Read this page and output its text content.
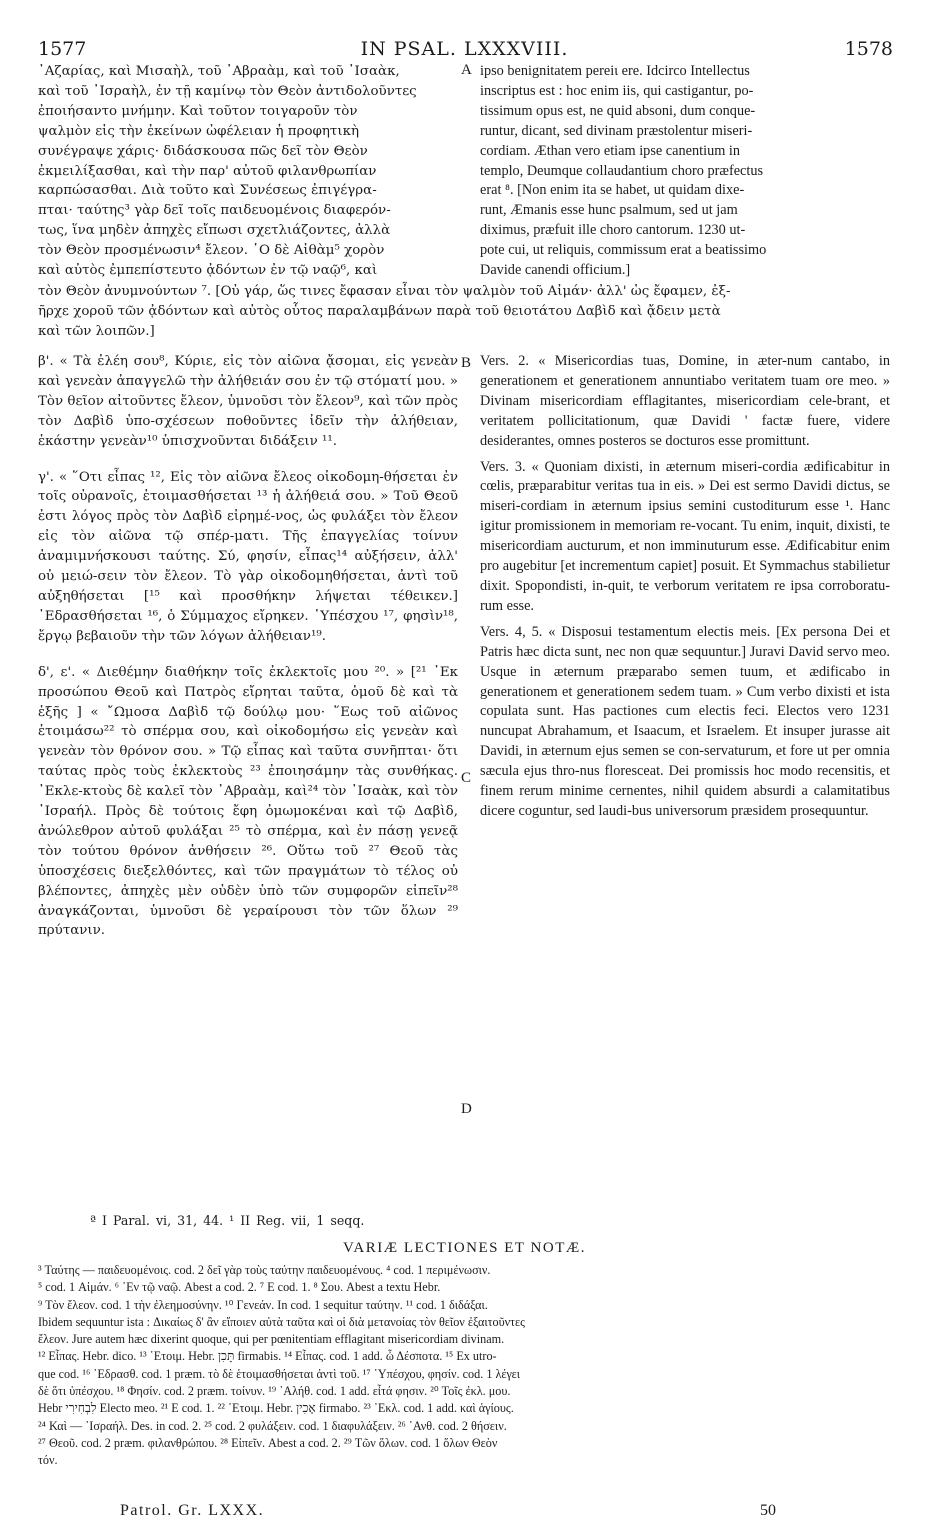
1577	IN PSAL. LXXXVIII.	1578

᾿Αζαρίας, καὶ Μισαὴλ, τοῦ ᾿Αβραὰμ, καὶ τοῦ ᾿Ισαὰκ,

καὶ τοῦ ᾿Ισραὴλ, ἐν τῇ καμίνῳ τὸν Θεὸν ἀντιδολοῦντες

ἐποιήσαντο μνήμην. Καὶ τοῦτον τοιγαροῦν τὸν

ψαλμὸν εἰς τὴν ἐκείνων ὠφέλειαν ἡ προφητικὴ

συνέγραψε χάρις· διδάσκουσα πῶς δεῖ τὸν Θεὸν

ἐκμειλίξασθαι, καὶ τὴν παρ' αὐτοῦ φιλανθρωπίαν

καρπώσασθαι. Διὰ τοῦτο καὶ Συνέσεως ἐπιγέγρα-

πται· ταύτης³ γὰρ δεῖ τοῖς παιδευομένοις διαφερόν-

τως, ἵνα μηδὲν ἀπηχὲς εἴπωσι σχετλιάζοντες, ἀλλὰ

τὸν Θεὸν προσμένωσιν⁴ ἔλεον. ῾Ο δὲ Αἰθὰμ⁵ χορὸν

καὶ αὐτὸς ἐμπεπίστευτο ᾀδόντων ἐν τῷ ναῷ⁶, καὶ

ipso benignitatem pereiι ere. Idcirco Intellectus

inscriptus est : hoc enim iis, qui castigantur, po-

tissimum opus est, ne quid absoni, dum conque-

runtur, dicant, sed divinam præstolentur miseri-

cordiam. Æthan vero etiam ipse canentium in

templo, Deumque collaudantium choro præfectus

erat ⁸. [Non enim ita se habet, ut quidam dixe-

runt, Æmanis esse hunc psalmum, sed ut jam

diximus, præfuit ille choro cantorum. 1230 ut-

pote cui, ut reliquis, commissum erat a beatissimo

Davide canendi officium.]

τὸν Θεὸν ἀνυμνούντων ⁷. [Οὐ γάρ, ὥς τινες ἔφασαν εἶναι τὸν ψαλμὸν τοῦ Αἰμάν· ἀλλ' ὡς ἔφαμεν, ἐξ-

ῆρχε χοροῦ τῶν ᾀδόντων καὶ αὐτὸς οὗτος παραλαμβάνων παρὰ τοῦ θειοτάτου Δαβὶδ καὶ ᾄδειν μετὰ

καὶ τῶν λοιπῶν.]

β'. « Τὰ ἐλέη σου⁸, Κύριε, εἰς τὸν αἰῶνα ᾄσομαι, εἰς γενεὰν καὶ γενεὰν ἀπαγγελῶ τὴν ἀλήθειάν σου ἐν τῷ στόματί μου. » Τὸν θεῖον αἰτοῦντες ἔλεον, ὑμνοῦσι τὸν ἔλεον⁹, καὶ τῶν πρὸς τὸν Δαβὶδ ὑπο-σχέσεων ποθοῦντες ἰδεῖν τὴν ἀλήθειαν, ἑκάστην γενεὰν¹⁰ ὑπισχνοῦνται διδάξειν ¹¹.

γ'. « ῞Οτι εἶπας ¹², Εἰς τὸν αἰῶνα ἔλεος οἰκοδομη-θήσεται ἐν τοῖς οὐρανοῖς, ἑτοιμασθήσεται ¹³ ἡ ἀλήθειά σου. » Τοῦ Θεοῦ ἐστι λόγος πρὸς τὸν Δαβὶδ εἰρημέ-νος, ὡς φυλάξει τὸν ἔλεον εἰς τὸν αἰῶνα τῷ σπέρ-ματι. Τῆς ἐπαγγελίας τοίνυν ἀναμιμνήσκουσι ταύτης. Σύ, φησίν, εἶπας¹⁴ αὐξήσειν, ἀλλ' οὐ μειώ-σειν τὸν ἔλεον. Τὸ γὰρ οἰκοδομηθήσεται, ἀντὶ τοῦ αὐξηθήσεται [¹⁵ καὶ προσθήκην λήψεται τέθεικεν.] ᾿Εδρασθήσεται ¹⁶, ὁ Σύμμαχος εἴρηκεν. ῾Υπέσχου ¹⁷, φησὶν¹⁸, ἔργῳ βεβαιοῦν τὴν τῶν λόγων ἀλήθειαν¹⁹.

δ', ε'. « Διεθέμην διαθήκην τοῖς ἐκλεκτοῖς μου ²⁰. » [²¹ ᾿Εκ προσώπου Θεοῦ καὶ Πατρὸς εἴρηται ταῦτα, ὁμοῦ δὲ καὶ τὰ ἑξῆς ] « ῎Ωμοσα Δαβὶδ τῷ δούλῳ μου· ῞Εως τοῦ αἰῶνος ἑτοιμάσω²² τὸ σπέρμα σου, καὶ οἰκοδομήσω εἰς γενεὰν καὶ γενεὰν τὸν θρόνον σου. » Τῷ εἶπας καὶ ταῦτα συνῆπται· ὅτι ταύτας πρὸς τοὺς ἐκλεκτοὺς ²³ ἐποιησάμην τὰς συνθήκας. ᾿Εκλε-κτοὺς δὲ καλεῖ τὸν ᾿Αβραὰμ, καὶ²⁴ τὸν ᾿Ισαὰκ, καὶ τὸν ᾿Ισραήλ. Πρὸς δὲ τούτοις ἔφη ὀμωμοκέναι καὶ τῷ Δαβὶδ, ἀνώλεθρον αὐτοῦ φυλάξαι ²⁵ τὸ σπέρμα, καὶ ἐν πάσῃ γενεᾷ τὸν τούτου θρόνον ἀνθήσειν ²⁶. Οὕτω τοῦ ²⁷ Θεοῦ τὰς ὑποσχέσεις διεξελθόντες, καὶ τῶν πραγμάτων τὸ τέλος οὐ βλέποντες, ἀπηχὲς μὲν οὐδὲν ὑπὸ τῶν συμφορῶν εἰπεῖν²⁸ ἀναγκάζονται, ὑμνοῦσι δὲ γεραίρουσι τὸν τῶν ὅλων ²⁹ πρύτανιν.

Vers. 2. « Misericordias tuas, Domine, in æter-num cantabo, in generationem et generationem annuntiabo veritatem tuam ore meo. » Divinam misericordiam efflagitantes, misericordiam cele-brant, et veritatem pollicitationum, quæ Davidi ' factæ fuere, videre desiderantes, omnes posteros se docturos esse promittunt.

Vers. 3. « Quoniam dixisti, in æternum miseri-cordia ædificabitur in cœlis, præparabitur veritas tua in eis. » Dei est sermo Davidi dictus, se miseri-cordiam in æternum ipsius semini custoditurum esse ¹. Hanc igitur promissionem in memoriam re-vocant. Tu enim, inquit, dixisti, te misericordiam aucturum, et non imminuturum esse. Ædificabitur enim pro augebitur [et incrementum capiet] posuit. Et Symmachus stabilietur dixit. Spopondisti, in-quit, te verborum veritatem re ipsa corroboratu-rum esse.

Vers. 4, 5. « Disposui testamentum electis meis. [Ex persona Dei et Patris hæc dicta sunt, nec non quæ sequuntur.] Juravi David servo meo. Usque in æternum præparabo semen tuum, et ædificabo in generationem et generationem sedem tuam. » Cum verbo dixisti et ista copulata sunt. Has pactiones cum electis feci. Electos vero 1231 nuncupat Abrahamum, et Isaacum, et Israelem. Et insuper jurasse ait Davidi, in æternum ejus semen se con-servaturum, et fore ut per omnia sæcula ejus thro-nus floresceat. Dei promissis hoc modo recensitis, et finem rerum minime cernentes, nihil quidem absurdi a calamitatibus dicere coguntur, sed laudi-bus universorum præsidem prosequuntur.

A
B
C
D
ª I Paral. vi, 31, 44. ¹ II Reg. vii, 1 seqq.
VARIÆ LECTIONES ET NOTÆ.

³ Ταύτης — παιδευομένοις. cod. 2 δεῖ γὰρ τοὺς ταύτην παιδευομένους. ⁴ cod. 1 περιμένωσιν.

⁵ cod. 1 Αἰμάν. ⁶ ᾿Εν τῷ ναῷ. Abest a cod. 2. ⁷ E cod. 1. ⁸ Σου. Abest a textu Hebr.

⁹ Τὸν ἔλεον. cod. 1 τὴν ἐλεημοσύνην. ¹⁰ Γενεάν. In cod. 1 sequitur ταύτην. ¹¹ cod. 1 διδάξαι.

Ibidem sequuntur ista : Δικαίως δ' ἂν εἴποιεν αὐτὰ ταῦτα καὶ οἱ διὰ μετανοίας τὸν θεῖον ἐξαιτοῦντες

ἔλεον. Jure autem hæc dixerint quoque, qui per pœnitentiam efflagitant misericordiam divinam.

¹² Εἶπας. Hebr. dico. ¹³ ῾Ετοιμ. Hebr. תָּכִן firmabis. ¹⁴ Εἶπας. cod. 1 add. ὦ Δέσποτα. ¹⁵ Ex utro-

que cod. ¹⁶ ᾿Εδρασθ. cod. 1 præm. τὸ δὲ ἑτοιμασθήσεται ἀντὶ τοῦ. ¹⁷ ῾Υπέσχου, φησίν. cod. 1 λέγει

δὲ ὅτι ὑπέσχου. ¹⁸ Φησίν. cod. 2 præm. τοίνυν. ¹⁹ ᾿Αλήθ. cod. 1 add. εἶτά φησιν. ²⁰ Τοῖς ἐκλ. μου.

Hebr לִבְחִירִי Electo meo. ²¹ E cod. 1. ²² ῾Ετοιμ. Hebr. אָכִין firmabo. ²³ ᾿Εκλ. cod. 1 add. καὶ ἁγίους.

²⁴ Καὶ — ᾿Ισραήλ. Des. in cod. 2. ²⁵ cod. 2 φυλάξειν. cod. 1 διαφυλάξειν. ²⁶ ᾿Ανθ. cod. 2 θήσειν.

²⁷ Θεοῦ. cod. 2 præm. φιλανθρώπου. ²⁸ Εἰπεῖν. Abest a cod. 2. ²⁹ Τῶν ὅλων. cod. 1 ὅλων Θεὸν

τόν.

Patrol. Gr. LXXX.	50
